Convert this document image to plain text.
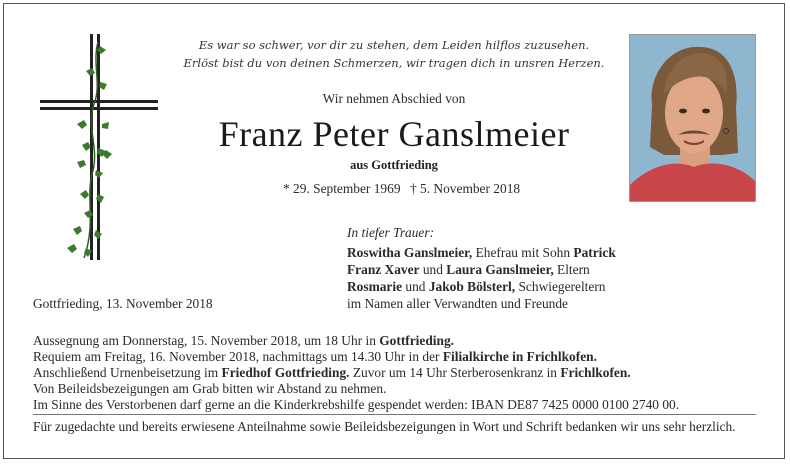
Es war so schwer, vor dir zu stehen, dem Leiden hilflos zuzusehen.
Erlöst bist du von deinen Schmerzen, wir tragen dich in unsren Herzen.
Wir nehmen Abschied von
Franz Peter Ganslmeier
aus Gottfrieding
* 29. September 1969 † 5. November 2018
In tiefer Trauer:
Roswitha Ganslmeier, Ehefrau mit Sohn Patrick
Franz Xaver und Laura Ganslmeier, Eltern
Rosmarie und Jakob Bölsterl, Schwiegereltern
im Namen aller Verwandten und Freunde
Gottfrieding, 13. November 2018
Aussegnung am Donnerstag, 15. November 2018, um 18 Uhr in Gottfrieding.
Requiem am Freitag, 16. November 2018, nachmittags um 14.30 Uhr in der Filialkirche in Frichlkofen.
Anschließend Urnenbeisetzung im Friedhof Gottfrieding. Zuvor um 14 Uhr Sterberosenkranz in Frichlkofen.
Von Beileidsbezeigungen am Grab bitten wir Abstand zu nehmen.
Im Sinne des Verstorbenen darf gerne an die Kinderkrebshilfe gespendet werden: IBAN DE87 7425 0000 0100 2740 00.
Für zugedachte und bereits erwiesene Anteilnahme sowie Beileidsbezeigungen in Wort und Schrift bedanken wir uns sehr herzlich.
